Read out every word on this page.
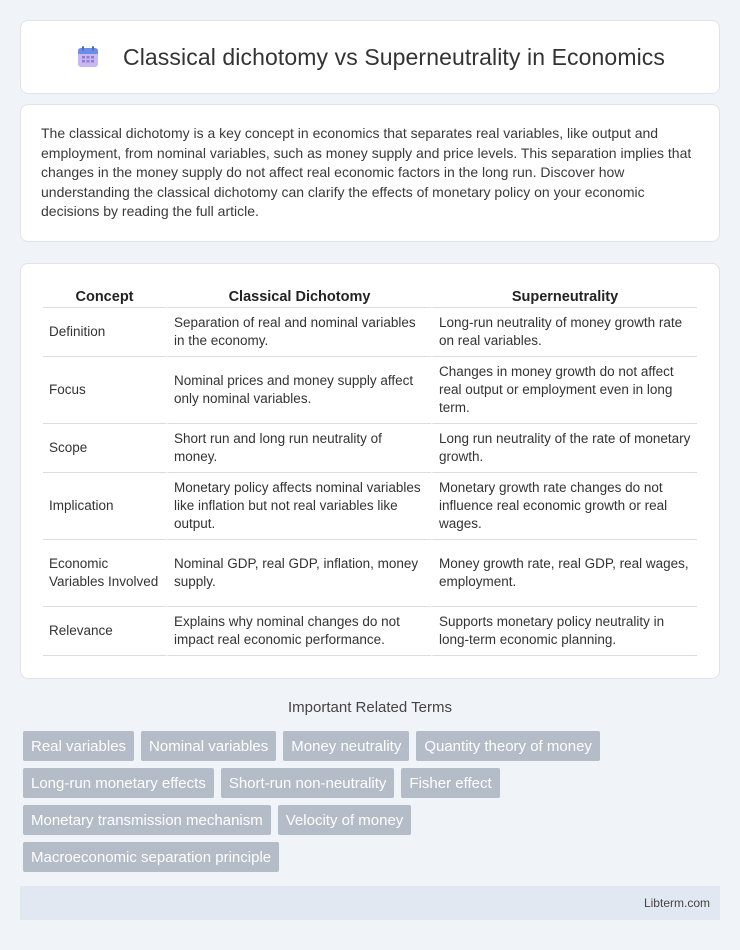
Classical dichotomy vs Superneutrality in Economics

The classical dichotomy is a key concept in economics that separates real variables, like output and employment, from nominal variables, such as money supply and price levels. This separation implies that changes in the money supply do not affect real economic factors in the long run. Discover how understanding the classical dichotomy can clarify the effects of monetary policy on your economic decisions by reading the full article.

Concept	Classical Dichotomy	Superneutrality
Definition	Separation of real and nominal variables in the economy.	Long-run neutrality of money growth rate on real variables.
Focus	Nominal prices and money supply affect only nominal variables.	Changes in money growth do not affect real output or employment even in long term.
Scope	Short run and long run neutrality of money.	Long run neutrality of the rate of monetary growth.
Implication	Monetary policy affects nominal variables like inflation but not real variables like output.	Monetary growth rate changes do not influence real economic growth or real wages.
Economic Variables Involved	Nominal GDP, real GDP, inflation, money supply.	Money growth rate, real GDP, real wages, employment.
Relevance	Explains why nominal changes do not impact real economic performance.	Supports monetary policy neutrality in long-term economic planning.
Important Related Terms
Real variables	Nominal variables	Money neutrality	Quantity theory of money
Long-run monetary effects	Short-run non-neutrality	Fisher effect
Monetary transmission mechanism	Velocity of money
Macroeconomic separation principle
Libterm.com
